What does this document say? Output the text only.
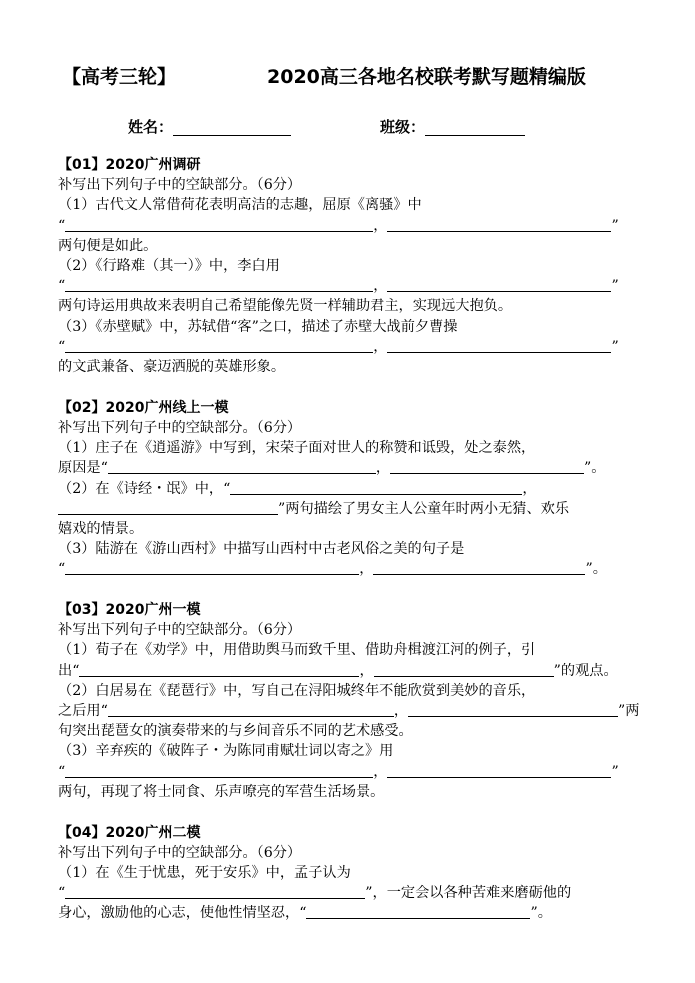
【高考三轮】	2020高三各地名校联考默写题精编版
姓名：	班级：
【01】2020广州调研
补写出下列句子中的空缺部分。（6分）
（1）古代文人常借荷花表明高洁的志趣，屈原《离骚》中
“	，	”
两句便是如此。
（2）《行路难（其一）》中，李白用
“	，	”
两句诗运用典故来表明自己希望能像先贤一样辅助君主，实现远大抱负。
（3）《赤壁赋》中，苏轼借“客”之口，描述了赤壁大战前夕曹操
“	，	”
的文武兼备、豪迈洒脱的英雄形象。
【02】2020广州线上一模
补写出下列句子中的空缺部分。（6分）
（1）庄子在《逍遥游》中写到，宋荣子面对世人的称赞和诋毁，处之泰然，
原因是“	，	”。
（2）在《诗经・氓》中，“	，
”两句描绘了男女主人公童年时两小无猜、欢乐
嬉戏的情景。
（3）陆游在《游山西村》中描写山西村中古老风俗之美的句子是
“	，	”。
【03】2020广州一模
补写出下列句子中的空缺部分。（6分）
（1）荀子在《劝学》中，用借助舆马而致千里、借助舟楫渡江河的例子，引
出“	，	”的观点。
（2）白居易在《琵琶行》中，写自己在浔阳城终年不能欣赏到美妙的音乐，
之后用“	，	”两
句突出琵琶女的演奏带来的与乡间音乐不同的艺术感受。
（3）辛弃疾的《破阵子・为陈同甫赋壮词以寄之》用
“	，	”
两句，再现了将士同食、乐声嘹亮的军营生活场景。
【04】2020广州二模
补写出下列句子中的空缺部分。（6分）
（1）在《生于忧患，死于安乐》中，孟子认为
“	”，一定会以各种苦难来磨砺他的
身心，激励他的心志，使他性情坚忍，“	”。
